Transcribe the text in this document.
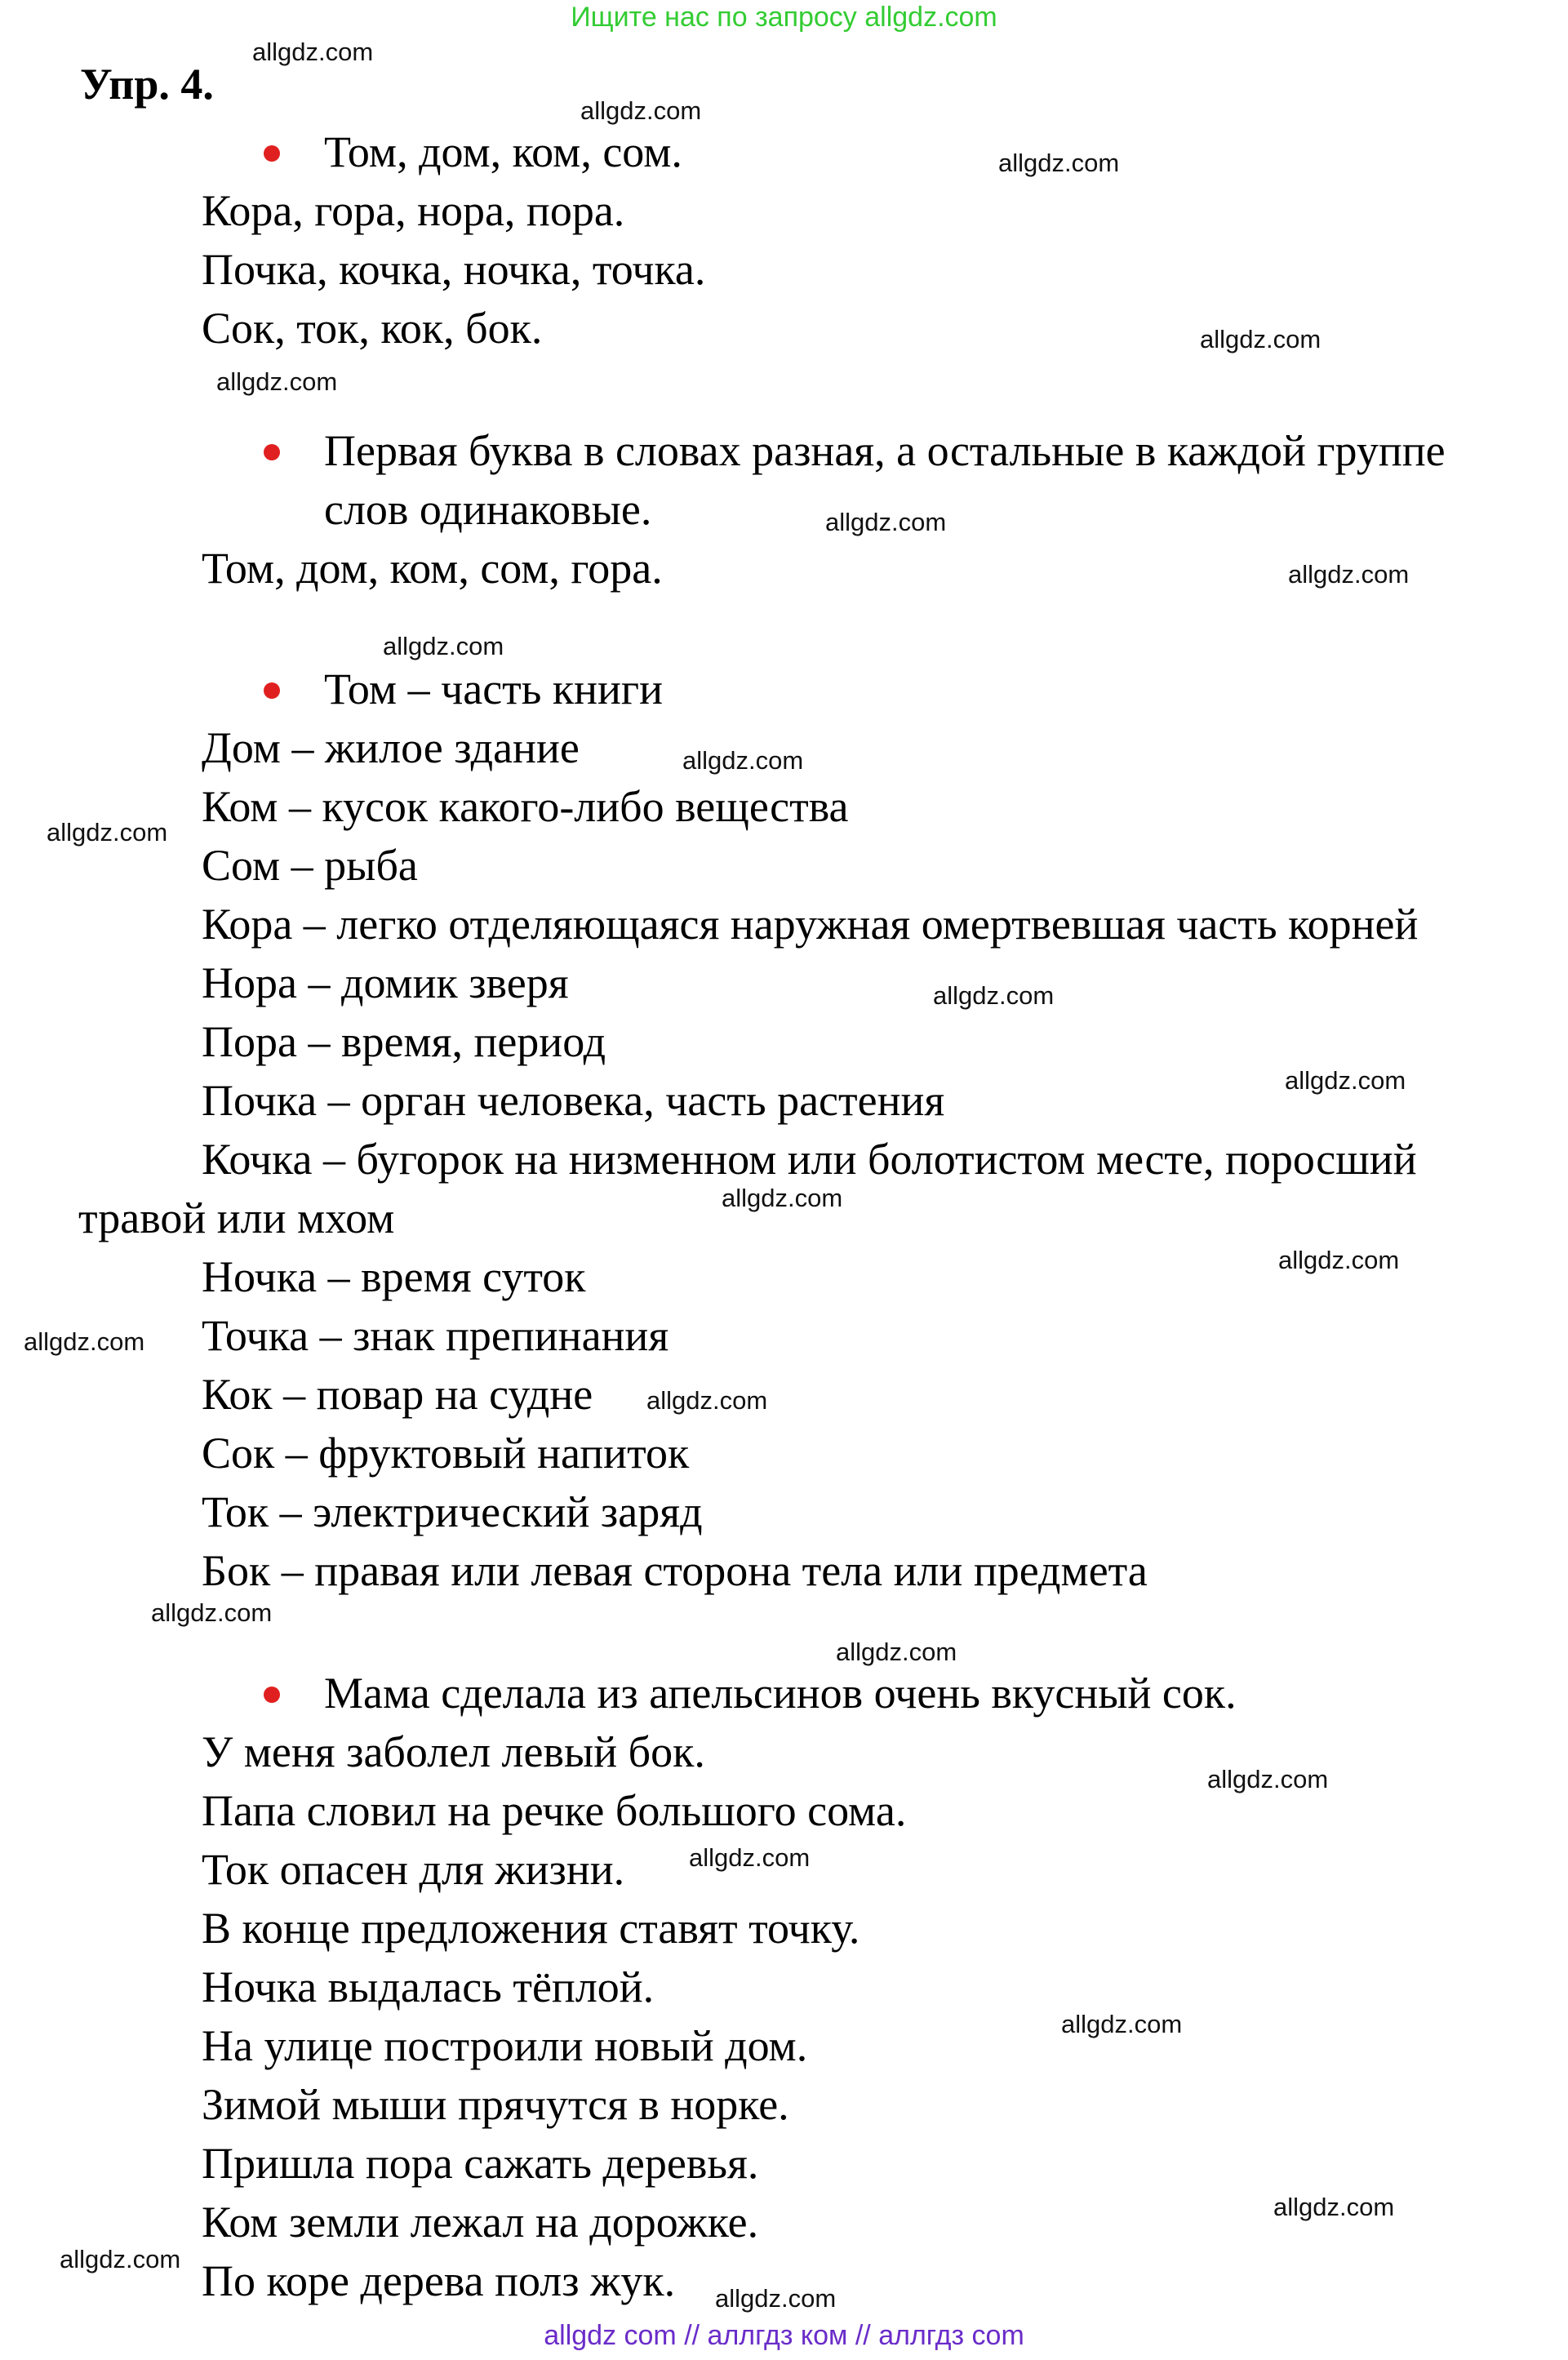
Ищите нас по запросу allgdz.com
Упр. 4.
Том, дом, ком, сом.
Кора, гора, нора, пора.
Почка, кочка, ночка, точка.
Сок, ток, кок, бок.
Первая буква в словах разная, а остальные в каждой группе
слов одинаковые.
Том, дом, ком, сом, гора.
Том – часть книги
Дом – жилое здание
Ком – кусок какого-либо вещества
Сом – рыба
Кора – легко отделяющаяся наружная омертвевшая часть корней
Нора – домик зверя
Пора – время, период
Почка – орган человека, часть растения
Кочка – бугорок на низменном или болотистом месте, поросший
травой или мхом
Ночка – время суток
Точка – знак препинания
Кок – повар на судне
Сок – фруктовый напиток
Ток – электрический заряд
Бок – правая или левая сторона тела или предмета
Мама сделала из апельсинов очень вкусный сок.
У меня заболел левый бок.
Папа словил на речке большого сома.
Ток опасен для жизни.
В конце предложения ставят точку.
Ночка выдалась тёплой.
На улице построили новый дом.
Зимой мыши прячутся в норке.
Пришла пора сажать деревья.
Ком земли лежал на дорожке.
По коре дерева полз жук.
allgdz.com
allgdz.com
allgdz.com
allgdz.com
allgdz.com
allgdz.com
allgdz.com
allgdz.com
allgdz.com
allgdz.com
allgdz.com
allgdz.com
allgdz.com
allgdz.com
allgdz.com
allgdz.com
allgdz.com
allgdz.com
allgdz.com
allgdz.com
allgdz.com
allgdz.com
allgdz.com
allgdz.com
allgdz com // аллгдз ком // аллгдз com
